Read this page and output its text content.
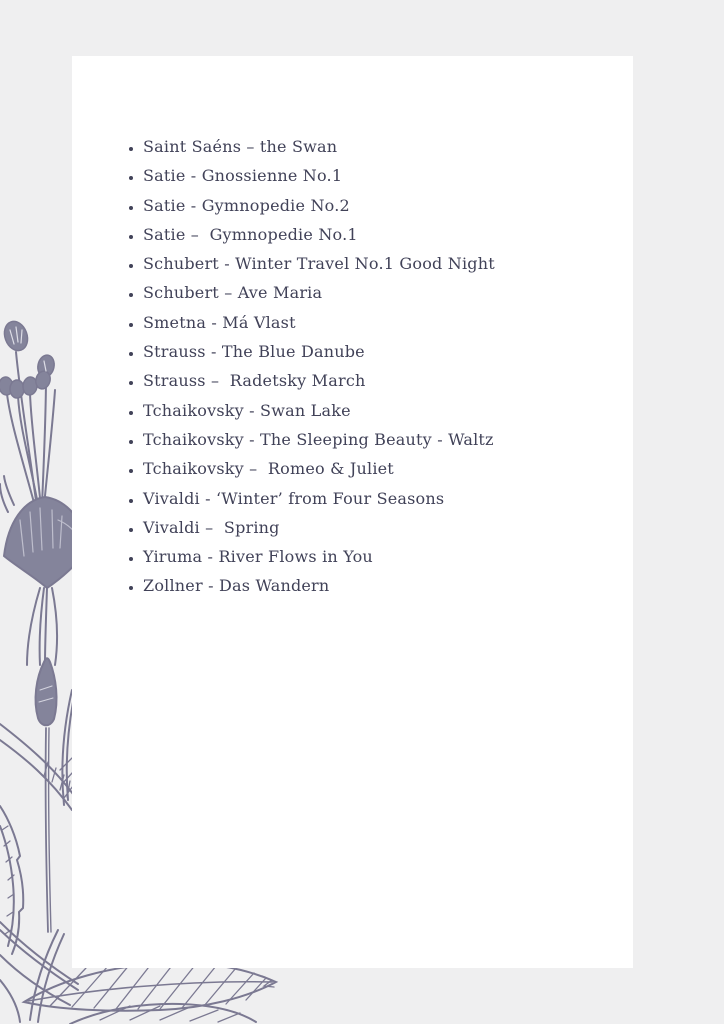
• Saint Saéns – the Swan
• Satie - Gnossienne No.1
• Satie - Gymnopedie No.2
• Satie –  Gymnopedie No.1
• Schubert - Winter Travel No.1 Good Night
• Schubert – Ave Maria
• Smetna - Má Vlast
• Strauss - The Blue Danube
• Strauss –  Radetsky March
• Tchaikovsky - Swan Lake
• Tchaikovsky - The Sleeping Beauty - Waltz
• Tchaikovsky –  Romeo & Juliet
• Vivaldi - ‘Winter’ from Four Seasons
• Vivaldi –  Spring
• Yiruma - River Flows in You
• Zollner - Das Wandern
